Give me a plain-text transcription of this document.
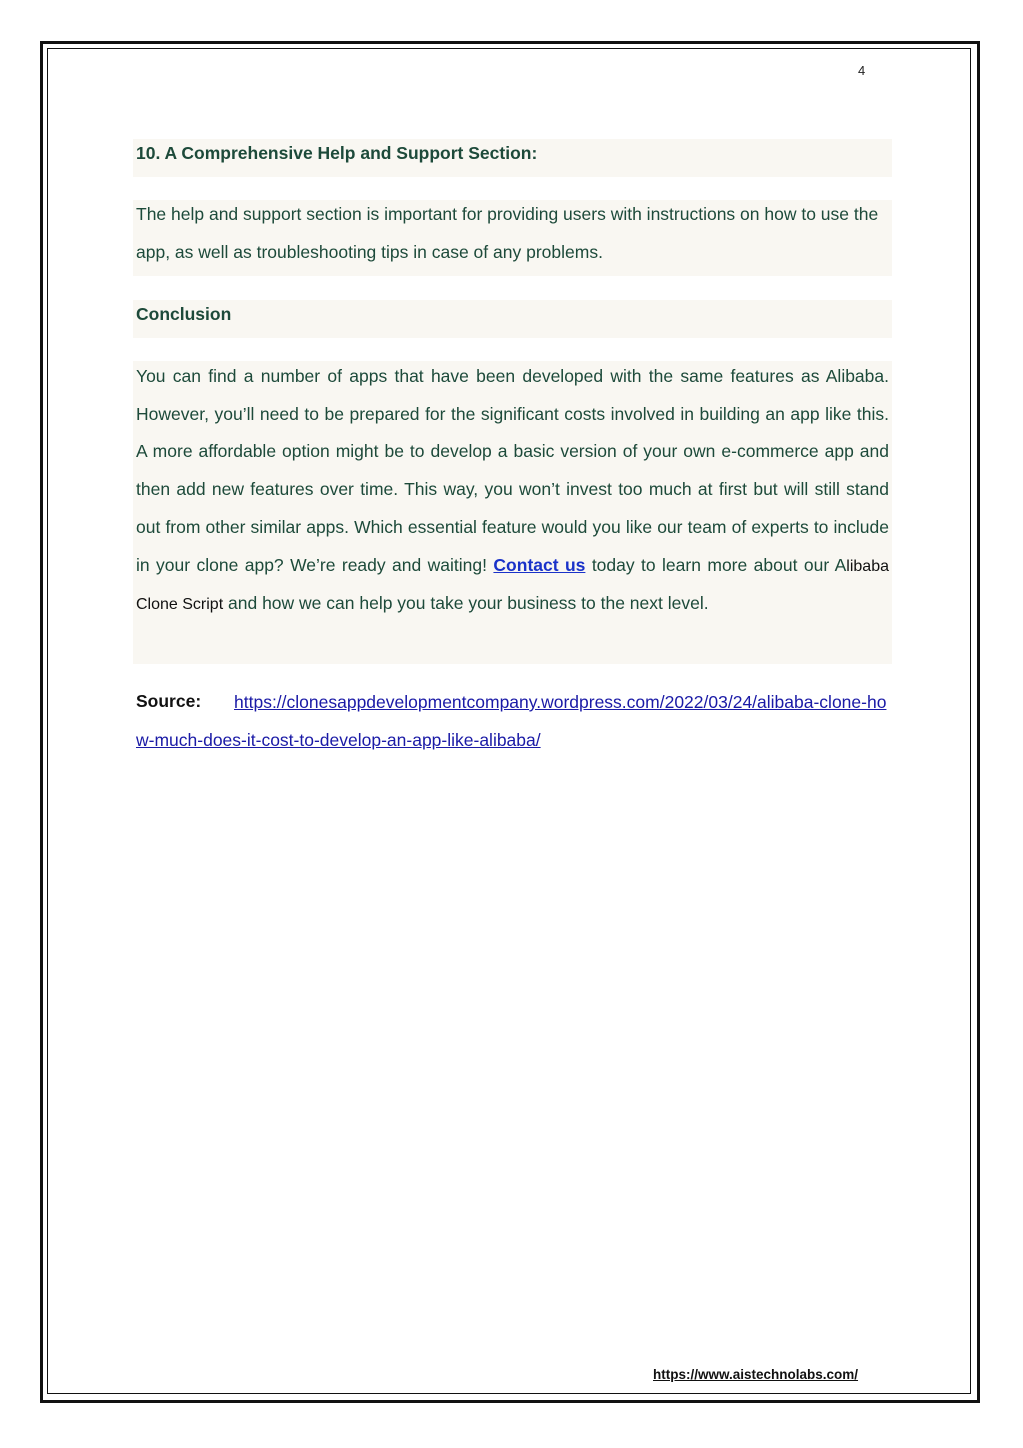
4
10. A Comprehensive Help and Support Section:

The help and support section is important for providing users with instructions on how to use the app, as well as troubleshooting tips in case of any problems.

Conclusion

You can find a number of apps that have been developed with the same features as Alibaba. However, you’ll need to be prepared for the significant costs involved in building an app like this. A more affordable option might be to develop a basic version of your own e-commerce app and then add new features over time. This way, you won’t invest too much at first but will still stand out from other similar apps. Which essential feature would you like our team of experts to include in your clone app? We’re ready and waiting! Contact us today to learn more about our Alibaba Clone Script and how we can help you take your business to the next level.

Source:	https://clonesappdevelopmentcompany.wordpress.com/2022/03/24/alibaba-clone-how-much-does-it-cost-to-develop-an-app-like-alibaba/

https://www.aistechnolabs.com/
